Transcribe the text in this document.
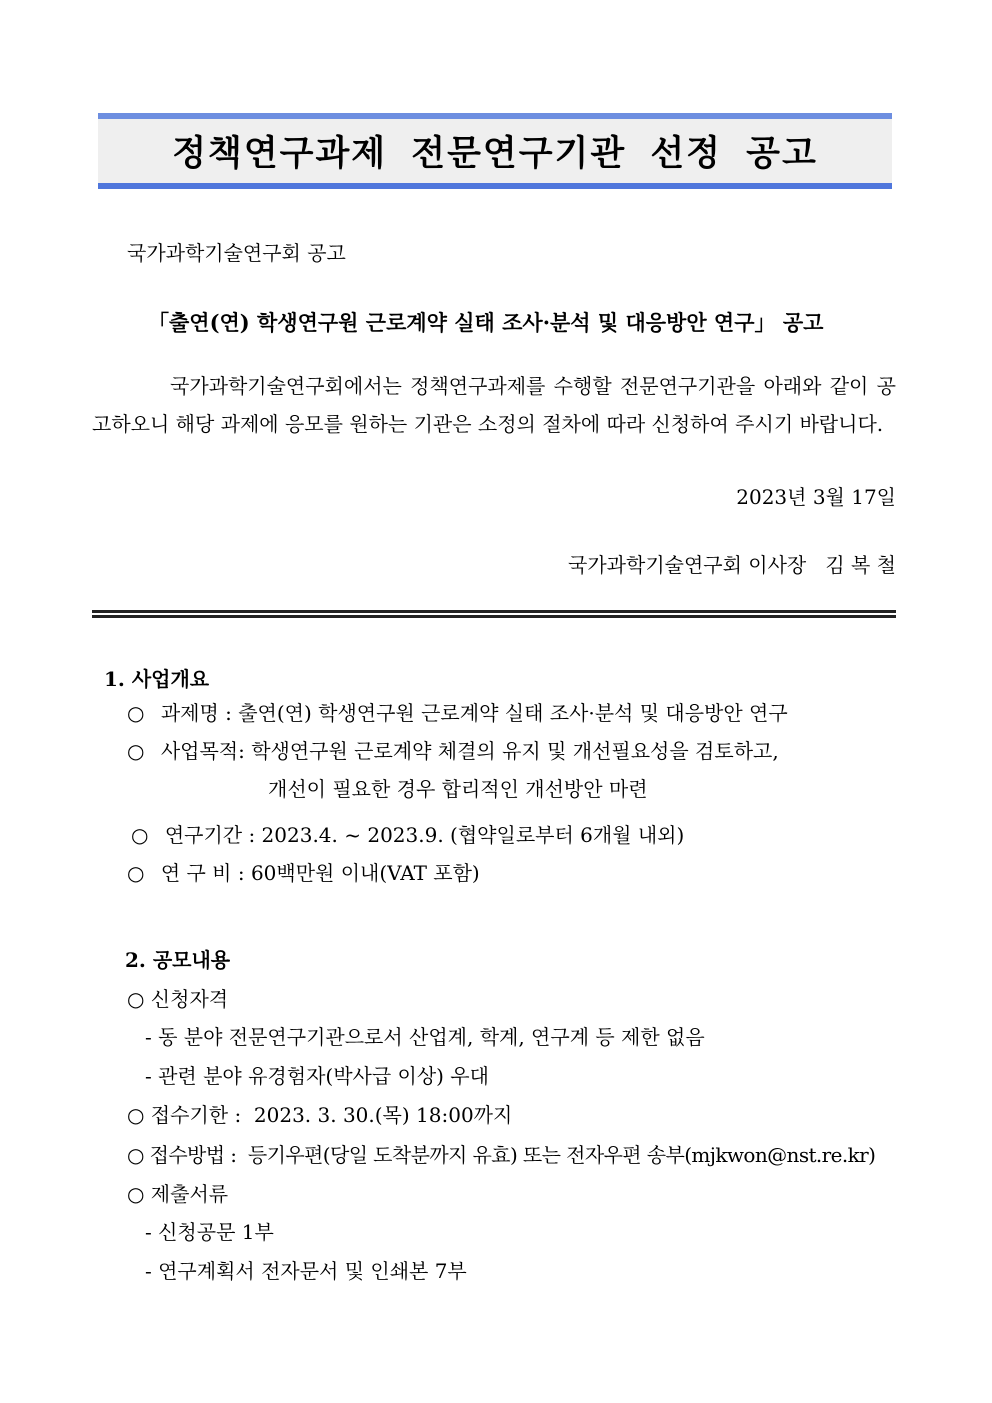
정책연구과제 전문연구기관 선정 공고
국가과학기술연구회 공고
「출연(연) 학생연구원 근로계약 실태 조사·분석 및 대응방안 연구」 공고
국가과학기술연구회에서는 정책연구과제를 수행할 전문연구기관을 아래와 같이 공고하오니 해당 과제에 응모를 원하는 기관은 소정의 절차에 따라 신청하여 주시기 바랍니다.
2023년 3월 17일
국가과학기술연구회 이사장   김 복 철
1. 사업개요
○ 과제명 : 출연(연) 학생연구원 근로계약 실태 조사·분석 및 대응방안 연구
○ 사업목적: 학생연구원 근로계약 체결의 유지 및 개선필요성을 검토하고,
개선이 필요한 경우 합리적인 개선방안 마련
○ 연구기간 : 2023.4. ~ 2023.9. (협약일로부터 6개월 내외)
○ 연 구 비 : 60백만원 이내(VAT 포함)
2. 공모내용
○ 신청자격
- 동 분야 전문연구기관으로서 산업계, 학계, 연구계 등 제한 없음
- 관련 분야 유경험자(박사급 이상) 우대
○ 접수기한 :  2023. 3. 30.(목) 18:00까지
○ 접수방법 :  등기우편(당일 도착분까지 유효) 또는 전자우편 송부(mjkwon@nst.re.kr)
○ 제출서류
- 신청공문 1부
- 연구계획서 전자문서 및 인쇄본 7부
